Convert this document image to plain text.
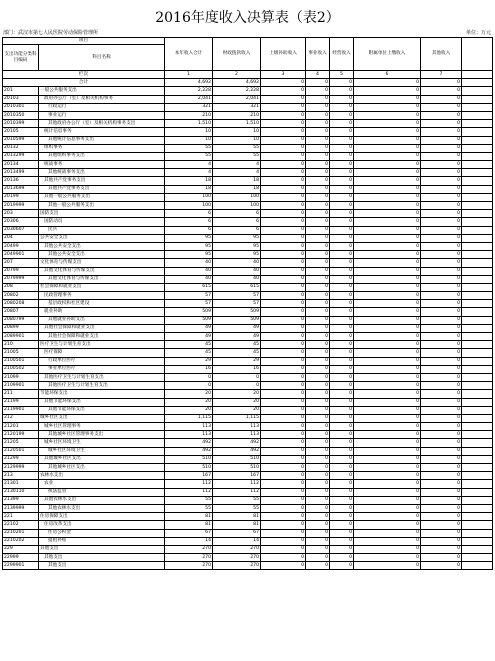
2016年度收入决算表（表2）
部门：武汉市第七人民医院劳动保险管理所	单位：万元
项目		本年收入合计	财政拨款收入	上级补助收入	事业收入	经营收入	附属单位上缴收入	其他收入	
支出功能分类科目编码	科目名称								
栏次		1	2	3	4	5	6	7	
合计		4,692	4,692	0	0	0	0	0	
201	一般公共服务支出	2,228	2,228	0	0	0	0	0	
20103	政府办公厅（室）及相关机构事务	2,041	2,041	0	0	0	0	0	
2010301	行政运行	321	321	0	0	0	0	0	
2010350	事业运行	210	210	0	0	0	0	0	
2010399	其他政府办公厅（室）及相关机构事务支出	1,510	1,510	0	0	0	0	0	
20105	统计信息事务	10	10	0	0	0	0	0	
2010599	其他统计信息事务支出	10	10	0	0	0	0	0	
20132	组织事务	55	55	0	0	0	0	0	
2013299	其他组织事务支出	55	55	0	0	0	0	0	
20134	统战事务	4	4	0	0	0	0	0	
2013499	其他统战事务支出	4	4	0	0	0	0	0	
20136	其他共产党事务支出	18	18	0	0	0	0	0	
2013699	其他共产党事务支出	18	18	0	0	0	0	0	
20199	其他一般公共服务支出	100	100	0	0	0	0	0	
2019999	其他一般公共服务支出	100	100	0	0	0	0	0	
203	国防支出	6	6	0	0	0	0	0	
20306	国防动员	6	6	0	0	0	0	0	
2030607	民兵	6	6	0	0	0	0	0	
204	公共安全支出	95	95	0	0	0	0	0	
20499	其他公共安全支出	95	95	0	0	0	0	0	
2049901	其他公共安全支出	95	95	0	0	0	0	0	
207	文化体育与传媒支出	40	40	0	0	0	0	0	
20799	其他文化体育与传媒支出	40	40	0	0	0	0	0	
2079999	其他文化体育与传媒支出	40	40	0	0	0	0	0	
208	社会保障和就业支出	615	615	0	0	0	0	0	
20802	民政管理事务	57	57	0	0	0	0	0	
2080208	基层政权和社区建设	57	57	0	0	0	0	0	
20807	就业补助	509	509	0	0	0	0	0	
2080799	其他就业补助支出	509	509	0	0	0	0	0	
20899	其他社会保障和就业支出	49	49	0	0	0	0	0	
2089901	其他社会保障和就业支出	49	49	0	0	0	0	0	
210	医疗卫生与计划生育支出	45	45	0	0	0	0	0	
21005	医疗保障	45	45	0	0	0	0	0	
2100501	行政单位医疗	29	29	0	0	0	0	0	
2100502	事业单位医疗	16	16	0	0	0	0	0	
21099	其他医疗卫生与计划生育支出	0	0	0	0	0	0	0	
2109901	其他医疗卫生与计划生育支出	0	0	0	0	0	0	0	
211	节能环保支出	20	20	0	0	0	0	0	
21199	其他节能环保支出	20	20	0	0	0	0	0	
2119901	其他节能环保支出	20	20	0	0	0	0	0	
212	城乡社区支出	1,115	1,115	0	0	0	0	0	
21201	城乡社区管理事务	113	113	0	0	0	0	0	
2120199	其他城乡社区管理事务支出	113	113	0	0	0	0	0	
21205	城乡社区环境卫生	492	492	0	0	0	0	0	
2120501	城乡社区环境卫生	492	492	0	0	0	0	0	
21299	其他城乡社区支出	510	510	0	0	0	0	0	
2129999	其他城乡社区支出	510	510	0	0	0	0	0	
213	农林水支出	167	167	0	0	0	0	0	
21301	农业	112	112	0	0	0	0	0	
2130110	执法监管	112	112	0	0	0	0	0	
21399	其他农林水支出	55	55	0	0	0	0	0	
2139999	其他农林水支出	55	55	0	0	0	0	0	
221	住房保障支出	81	81	0	0	0	0	0	
22102	住房改革支出	81	81	0	0	0	0	0	
2210201	住房公积金	67	67	0	0	0	0	0	
2210202	提租补贴	14	14	0	0	0	0	0	
229	其他支出	270	270	0	0	0	0	0	
22999	其他支出	270	270	0	0	0	0	0	
2299901	其他支出	270	270	0	0	0	0	0	
